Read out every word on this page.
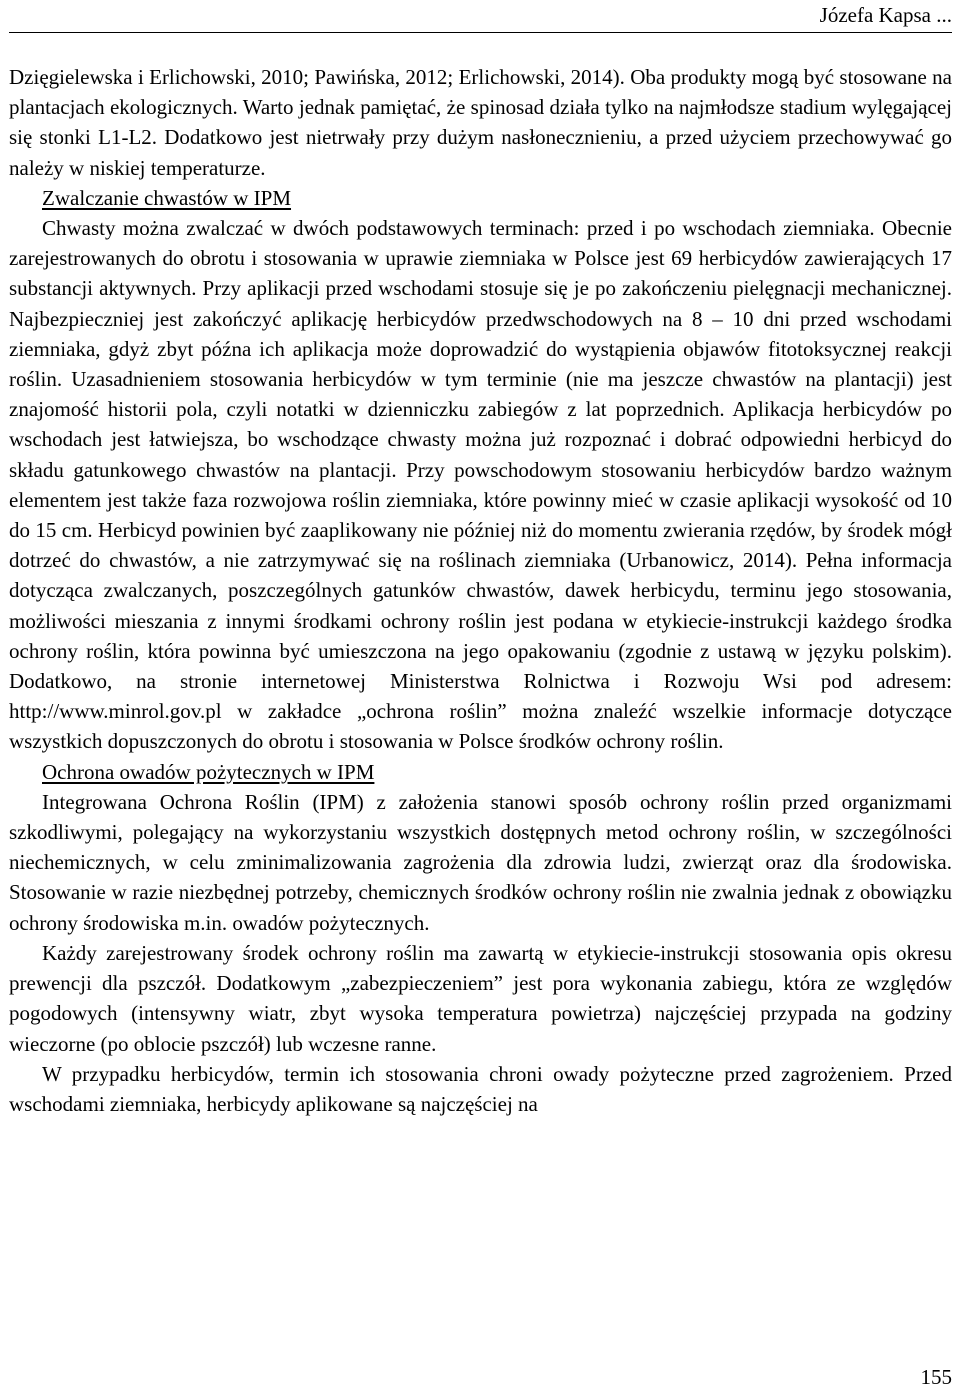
Józefa Kapsa ...

Dzięgielewska i Erlichowski, 2010; Pawińska, 2012; Erlichowski, 2014). Oba produkty mogą być stosowane na plantacjach ekologicznych. Warto jednak pamiętać, że spinosad działa tylko na najmłodsze stadium wylęgającej się stonki L1-L2. Dodatkowo jest nietrwały przy dużym nasłonecznieniu, a przed użyciem przechowywać go należy w niskiej temperaturze.

Zwalczanie chwastów w IPM

Chwasty można zwalczać w dwóch podstawowych terminach: przed i po wschodach ziemniaka. Obecnie zarejestrowanych do obrotu i stosowania w uprawie ziemniaka w Polsce jest 69 herbicydów zawierających 17 substancji aktywnych. Przy aplikacji przed wschodami stosuje się je po zakończeniu pielęgnacji mechanicznej. Najbezpieczniej jest zakończyć aplikację herbicydów przedwschodowych na 8 – 10 dni przed wschodami ziemniaka, gdyż zbyt późna ich aplikacja może doprowadzić do wystąpienia objawów fitotoksycznej reakcji roślin. Uzasadnieniem stosowania herbicydów w tym terminie (nie ma jeszcze chwastów na plantacji) jest znajomość historii pola, czyli notatki w dzienniczku zabiegów z lat poprzednich. Aplikacja herbicydów po wschodach jest łatwiejsza, bo wschodzące chwasty można już rozpoznać i dobrać odpowiedni herbicyd do składu gatunkowego chwastów na plantacji. Przy powschodowym stosowaniu herbicydów bardzo ważnym elementem jest także faza rozwojowa roślin ziemniaka, które powinny mieć w czasie aplikacji wysokość od 10 do 15 cm. Herbicyd powinien być zaaplikowany nie później niż do momentu zwierania rzędów, by środek mógł dotrzeć do chwastów, a nie zatrzymywać się na roślinach ziemniaka (Urbanowicz, 2014). Pełna informacja dotycząca zwalczanych, poszczególnych gatunków chwastów, dawek herbicydu, terminu jego stosowania, możliwości mieszania z innymi środkami ochrony roślin jest podana w etykiecie-instrukcji każdego środka ochrony roślin, która powinna być umieszczona na jego opakowaniu (zgodnie z ustawą w języku polskim). Dodatkowo, na stronie internetowej Ministerstwa Rolnictwa i Rozwoju Wsi pod adresem: http://www.minrol.gov.pl w zakładce „ochrona roślin” można znaleźć wszelkie informacje dotyczące wszystkich dopuszczonych do obrotu i stosowania w Polsce środków ochrony roślin.

Ochrona owadów pożytecznych w IPM

Integrowana Ochrona Roślin (IPM) z założenia stanowi sposób ochrony roślin przed organizmami szkodliwymi, polegający na wykorzystaniu wszystkich dostępnych metod ochrony roślin, w szczególności niechemicznych, w celu zminimalizowania zagrożenia dla zdrowia ludzi, zwierząt oraz dla środowiska. Stosowanie w razie niezbędnej potrzeby, chemicznych środków ochrony roślin nie zwalnia jednak z obowiązku ochrony środowiska m.in. owadów pożytecznych.

Każdy zarejestrowany środek ochrony roślin ma zawartą w etykiecie-instrukcji stosowania opis okresu prewencji dla pszczół. Dodatkowym „zabezpieczeniem” jest pora wykonania zabiegu, która ze względów pogodowych (intensywny wiatr, zbyt wysoka temperatura powietrza) najczęściej przypada na godziny wieczorne (po oblocie pszczół) lub wczesne ranne.

W przypadku herbicydów, termin ich stosowania chroni owady pożyteczne przed zagrożeniem. Przed wschodami ziemniaka, herbicydy aplikowane są najczęściej na

155
